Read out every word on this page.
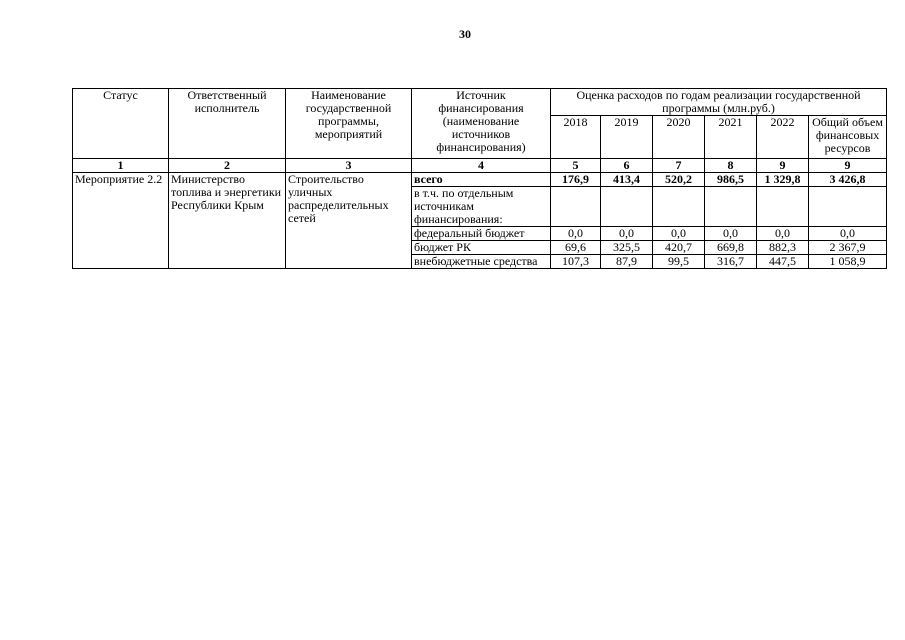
30
Статус	Ответственный исполнитель	Наименование государственной программы, мероприятий	Источник финансирования (наименование источников финансирования)	Оценка расходов по годам реализации государственной программы (млн.руб.)					
				2018	2019	2020	2021	2022	Общий объем финансовых ресурсов
1	2	3	4	5	6	7	8	9	9
Мероприятие 2.2	Министерство топлива и энергетики Республики Крым	Строительство уличных распределительных сетей	всего	176,9	413,4	520,2	986,5	1 329,8	3 426,8
			в т.ч. по отдельным источникам финансирования:						
			федеральный бюджет	0,0	0,0	0,0	0,0	0,0	0,0
			бюджет РК	69,6	325,5	420,7	669,8	882,3	2 367,9
			внебюджетные средства	107,3	87,9	99,5	316,7	447,5	1 058,9
